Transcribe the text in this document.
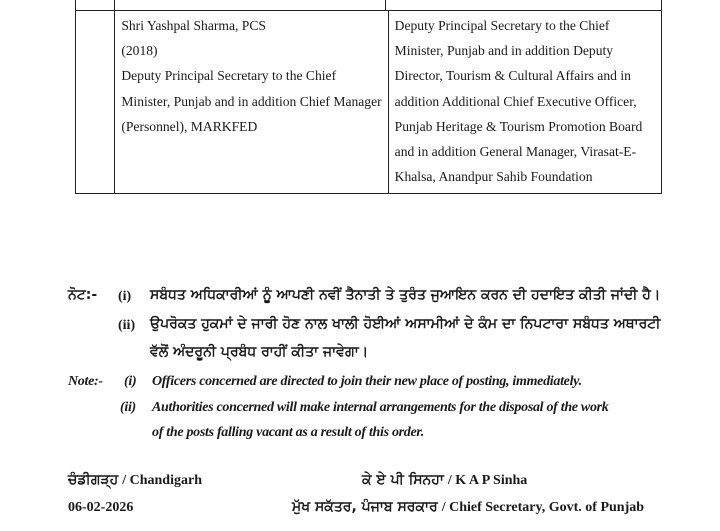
Shri Yashpal Sharma, PCS
(2018)
Deputy Principal Secretary to the Chief
Minister, Punjab and in addition Chief Manager
(Personnel), MARKFED

Deputy Principal Secretary to the Chief
Minister, Punjab and in addition Deputy
Director, Tourism & Cultural Affairs and in
addition Additional Chief Executive Officer,
Punjab Heritage & Tourism Promotion Board
and in addition General Manager, Virasat-E-
Khalsa, Anandpur Sahib Foundation
ਨੋਟ:- (i) ਸਬੰਧਤ ਅਧਿਕਾਰੀਆਂ ਨੂੰ ਆਪਣੀ ਨਵੀਂ ਤੈਨਾਤੀ ਤੇ ਤੁਰੰਤ ਜੁਆਇਨ ਕਰਨ ਦੀ ਹਦਾਇਤ ਕੀਤੀ ਜਾਂਦੀ ਹੈ।
(ii) ਉਪਰੋਕਤ ਹੁਕਮਾਂ ਦੇ ਜਾਰੀ ਹੋਣ ਨਾਲ ਖਾਲੀ ਹੋਈਆਂ ਅਸਾਮੀਆਂ ਦੇ ਕੰਮ ਦਾ ਨਿਪਟਾਰਾ ਸਬੰਧਤ ਅਥਾਰਟੀ
ਵੱਲੋਂ ਅੰਦਰੂਨੀ ਪ੍ਰਬੰਧ ਰਾਹੀਂ ਕੀਤਾ ਜਾਵੇਗਾ।
Note:- (i) Officers concerned are directed to join their new place of posting, immediately.
(ii) Authorities concerned will make internal arrangements for the disposal of the work
of the posts falling vacant as a result of this order.
ਚੰਡੀਗੜ੍ਹ / Chandigarh
06-02-2026
ਕੇ ਏ ਪੀ ਸਿਨਹਾ / K A P Sinha
ਮੁੱਖ ਸਕੱਤਰ, ਪੰਜਾਬ ਸਰਕਾਰ / Chief Secretary, Govt. of Punjab
